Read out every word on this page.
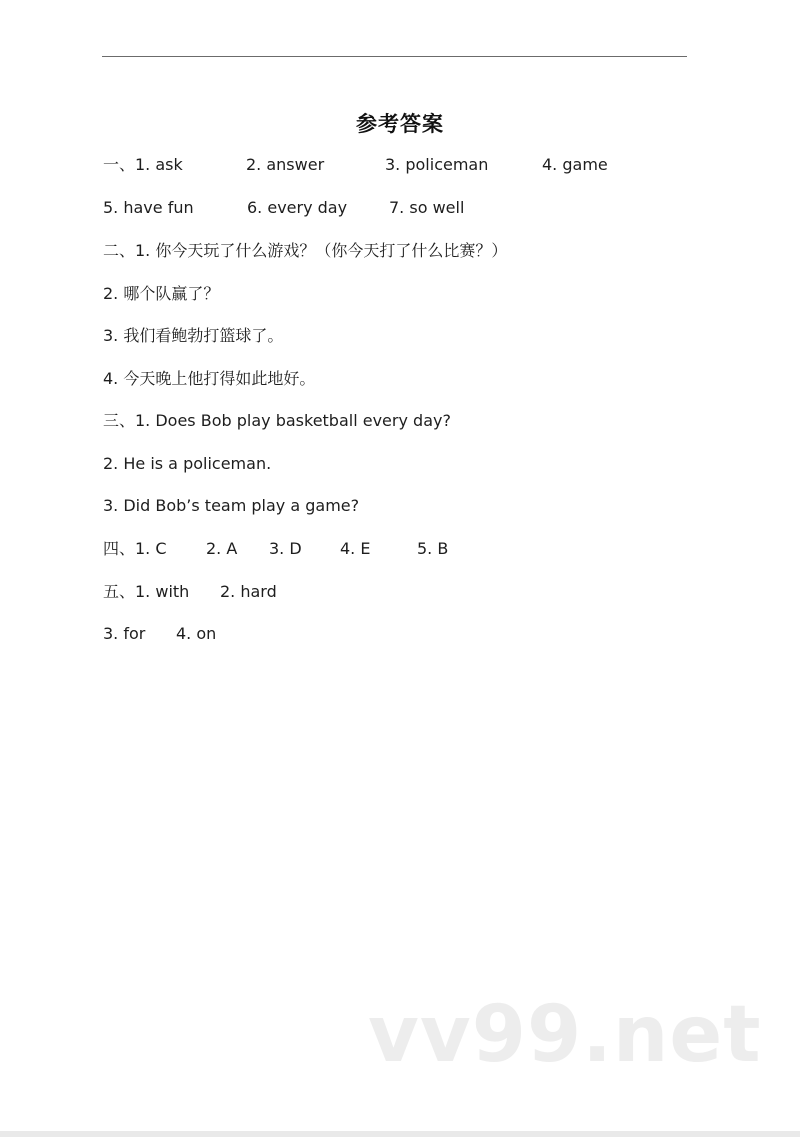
参考答案
一、1. ask	2. answer	3. policeman	4. game
5. have fun	6. every day	7. so well
二、1. 你今天玩了什么游戏？（你今天打了什么比赛？）
2. 哪个队赢了？
3. 我们看鲍勃打篮球了。
4. 今天晚上他打得如此地好。
三、1. Does Bob play basketball every day?
2. He is a policeman.
3. Did Bob’s team play a game?
四、1. C 2. A 3. D 4. E	5. B
五、1. with 2. hard
3. for 4. on
vv99.net
